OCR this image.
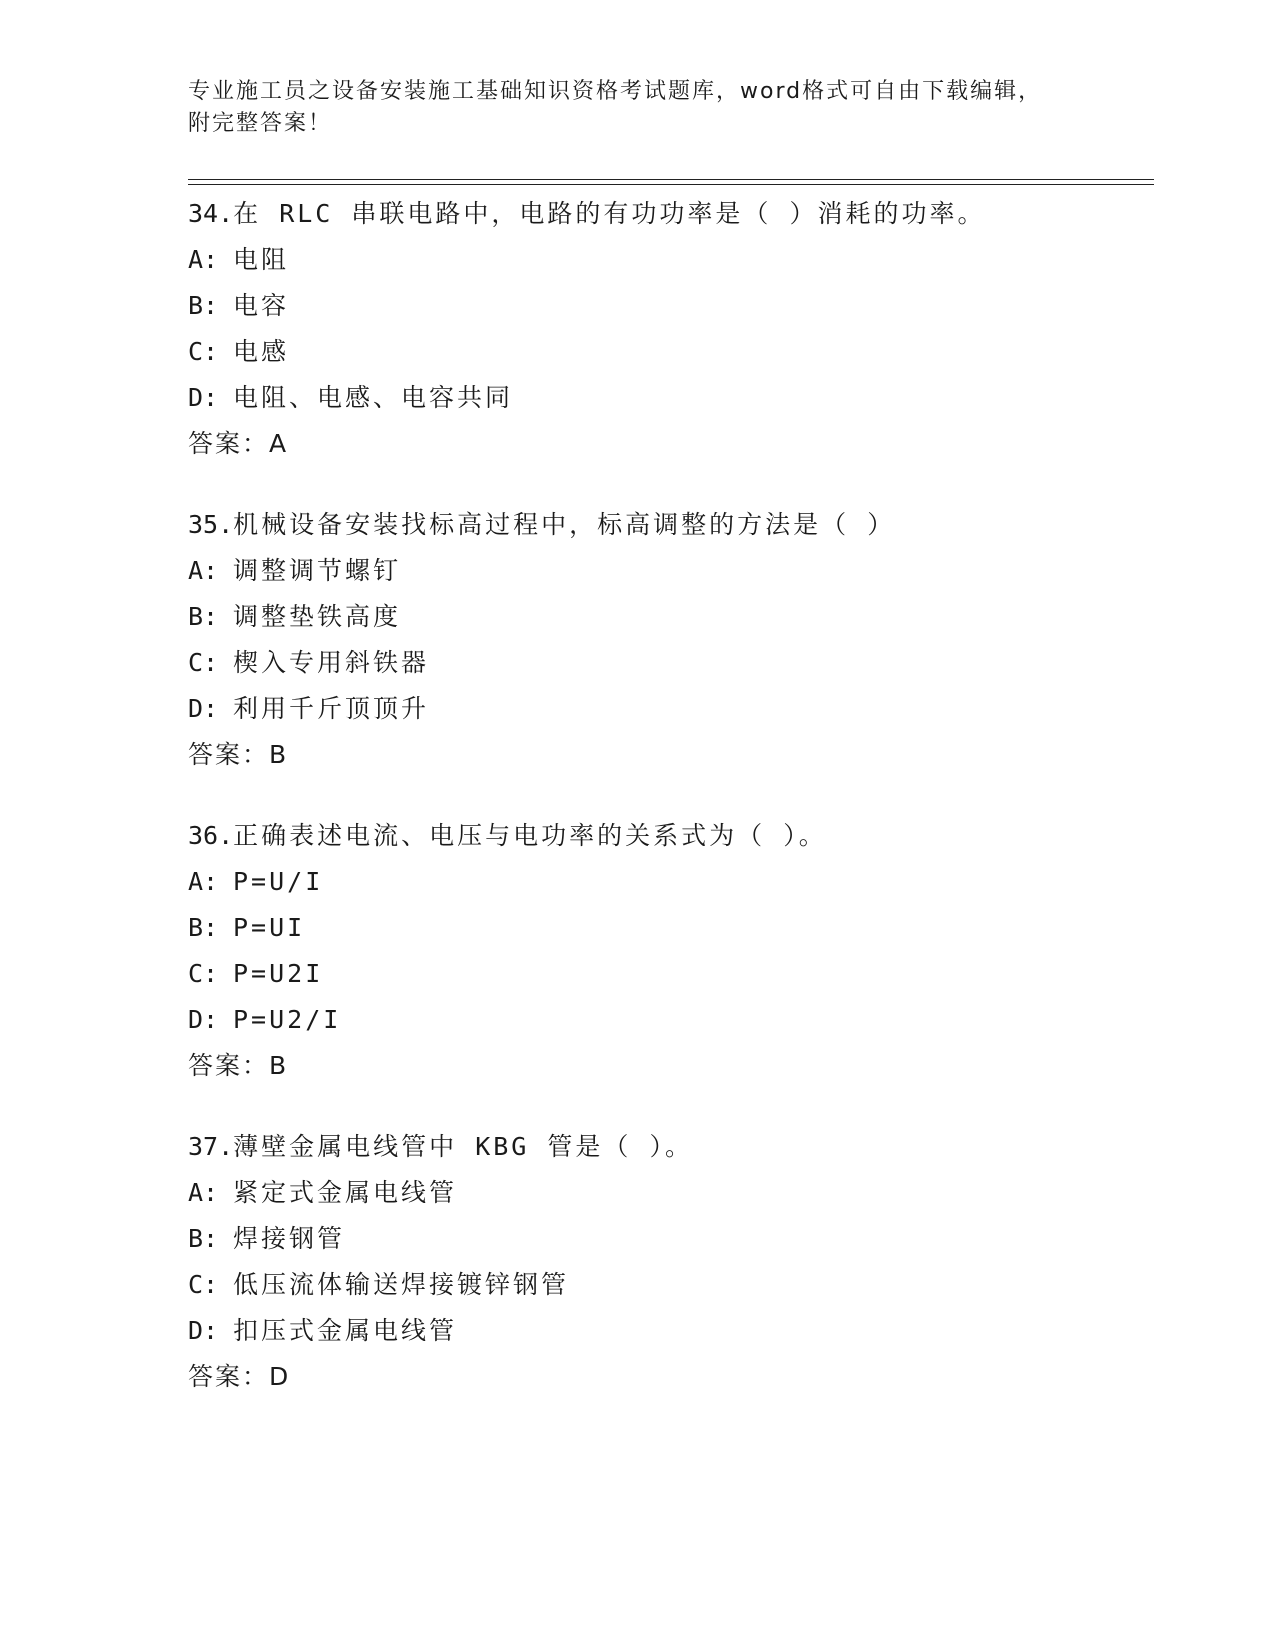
专业施工员之设备安装施工基础知识资格考试题库，word格式可自由下载编辑，
附完整答案！
34.在 RLC 串联电路中，电路的有功功率是（ ）消耗的功率。
A: 电阻
B: 电容
C: 电感
D: 电阻、电感、电容共同
答案：A
35.机械设备安装找标高过程中，标高调整的方法是（ ）
A: 调整调节螺钉
B: 调整垫铁高度
C: 楔入专用斜铁器
D: 利用千斤顶顶升
答案：B
36.正确表述电流、电压与电功率的关系式为（ ）。
A: P=U/I
B: P=UI
C: P=U2I
D: P=U2/I
答案：B
37.薄壁金属电线管中 KBG 管是（ ）。
A: 紧定式金属电线管
B: 焊接钢管
C: 低压流体输送焊接镀锌钢管
D: 扣压式金属电线管
答案：D
